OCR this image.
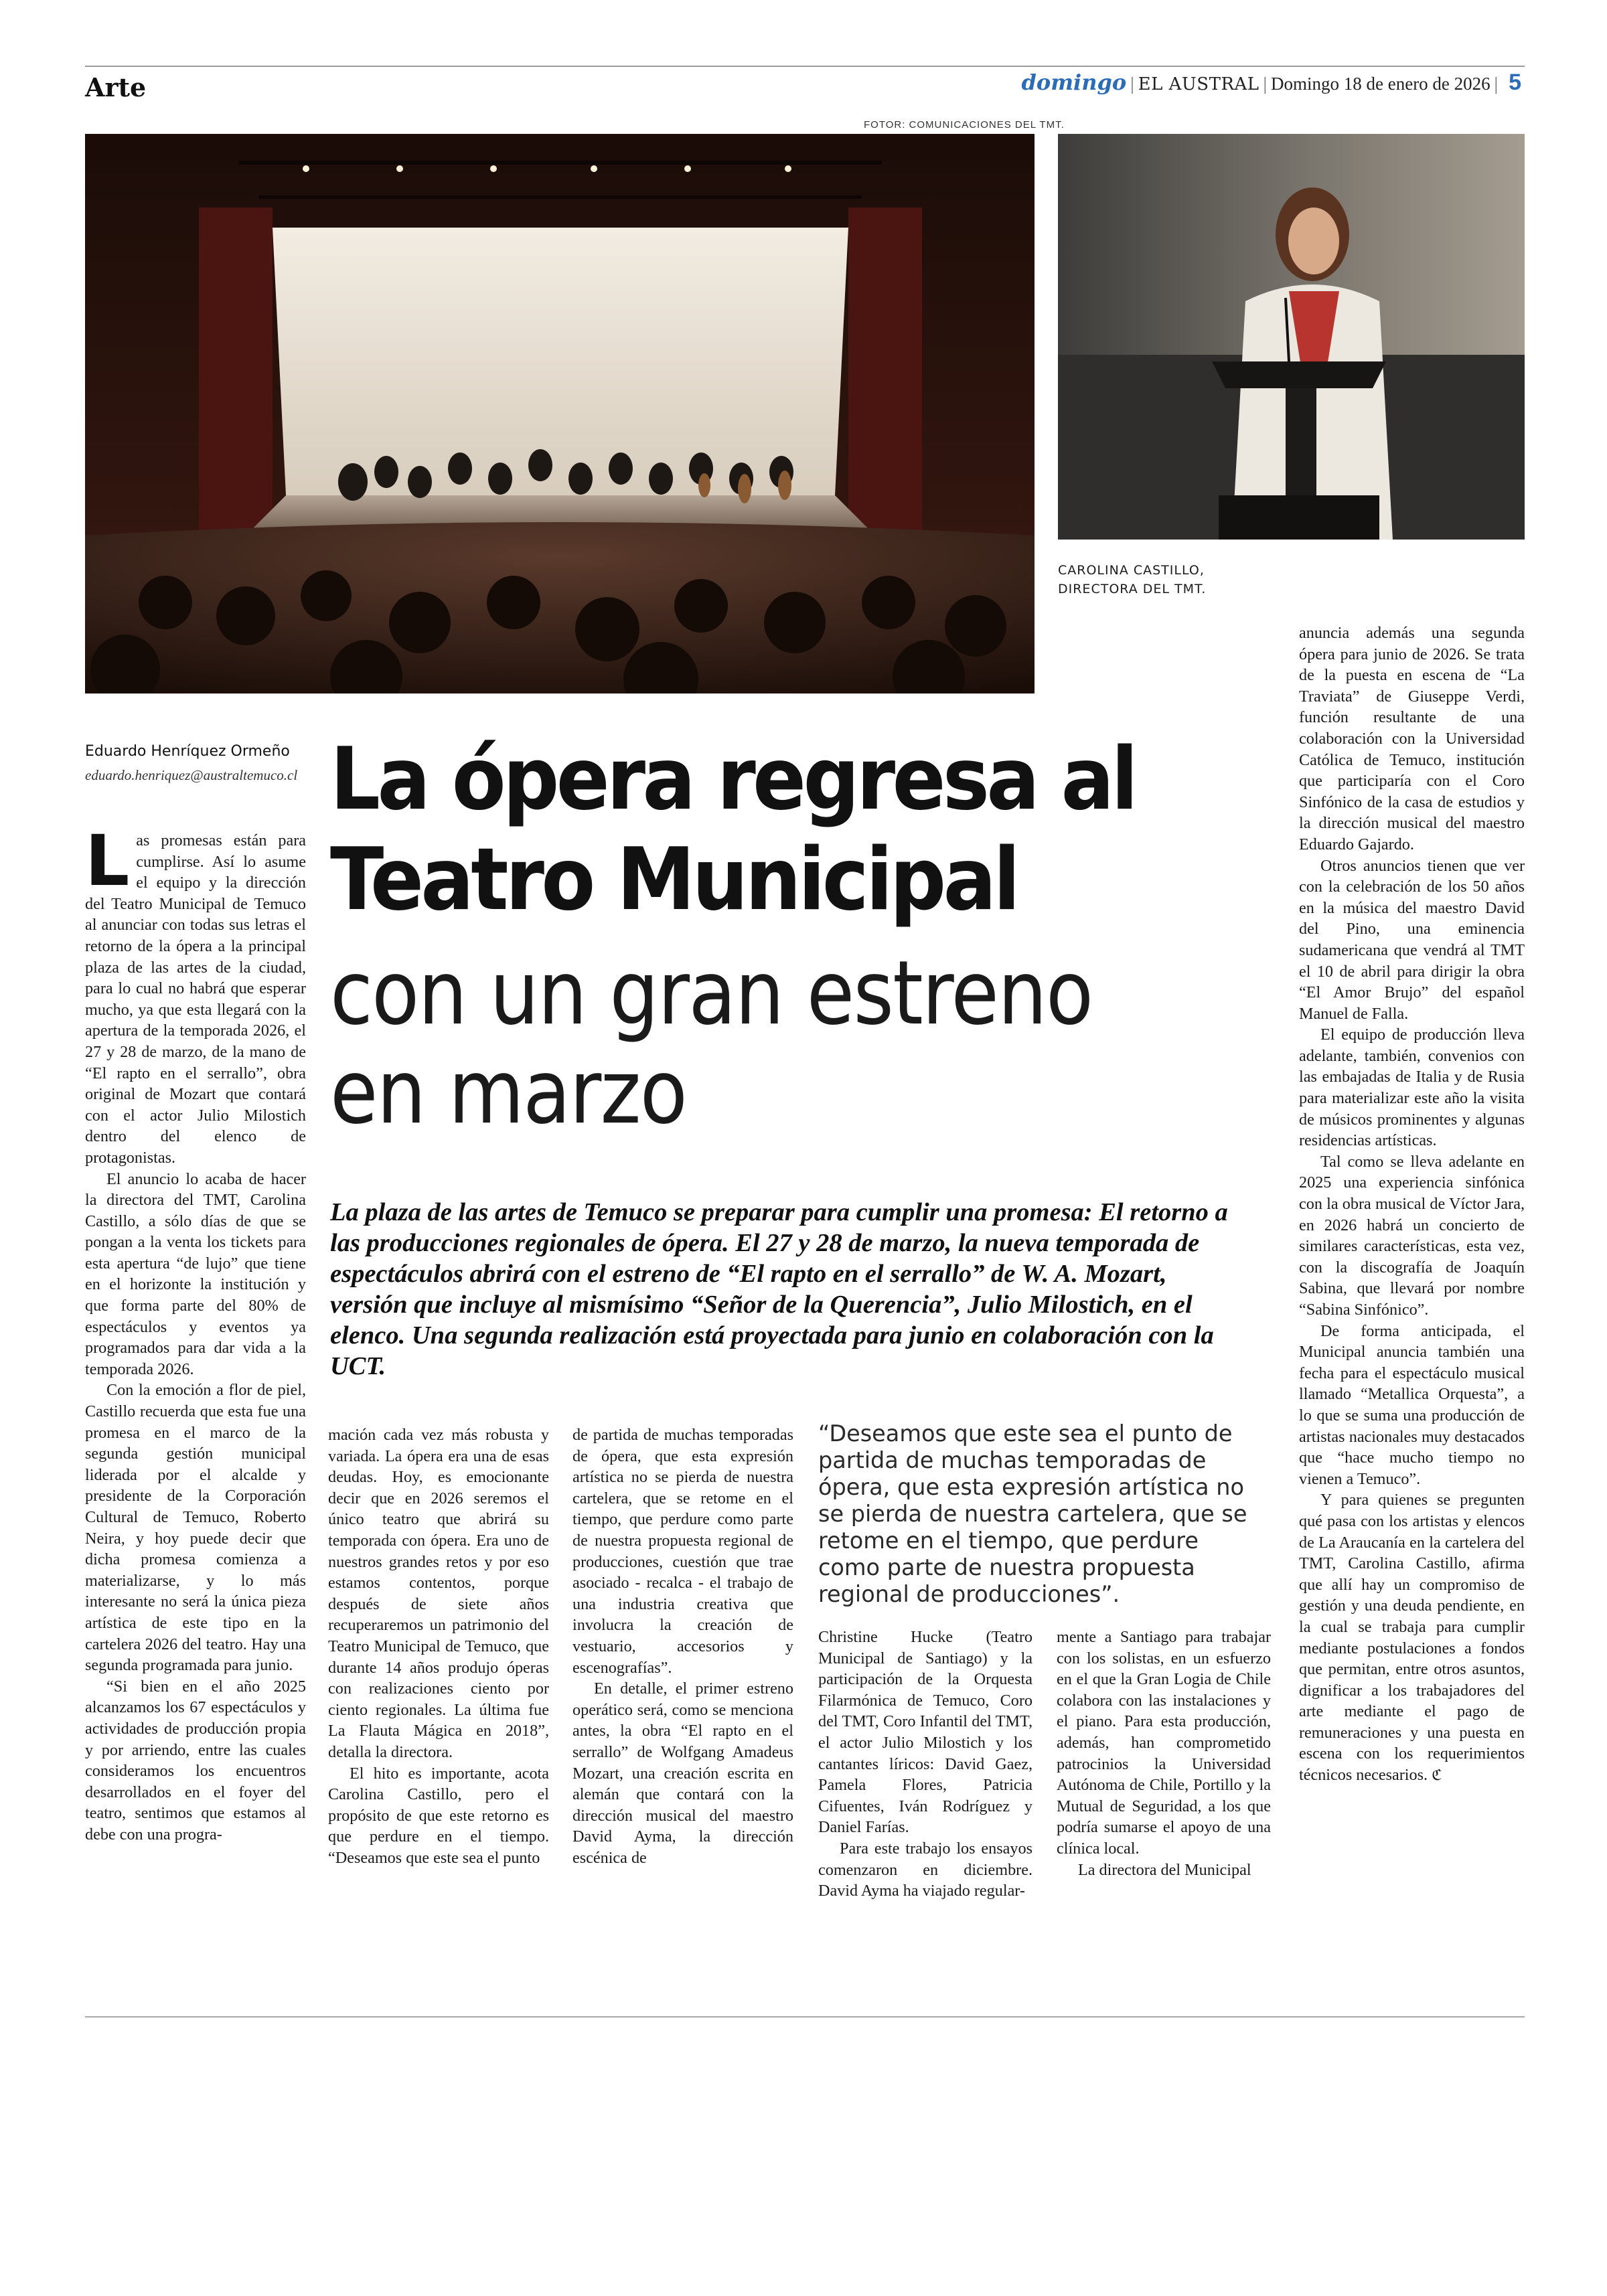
Arte	domingo | EL AUSTRAL | Domingo 18 de enero de 2026 | 5
FOTOR: COMUNICACIONES DEL TMT.
CAROLINA CASTILLO,
DIRECTORA DEL TMT.
Eduardo Henríquez Ormeño
eduardo.henriquez@australtemuco.cl La ópera regresa al
Teatro Municipal
con un gran estreno
en marzo
La plaza de las artes de Temuco se preparar para cumplir una promesa: El retorno a las producciones regionales de ópera. El 27 y 28 de marzo, la nueva temporada de espectáculos abrirá con el estreno de “El rapto en el serrallo” de W. A. Mozart, versión que incluye al mismísimo “Señor de la Querencia”, Julio Milostich, en el elenco. Una segunda realización está proyectada para junio en colaboración con la UCT.

Las promesas están para cumplirse. Así lo asume el equipo y la dirección del Teatro Municipal de Temuco al anunciar con todas sus letras el retorno de la ópera a la principal plaza de las artes de la ciudad, para lo cual no habrá que esperar mucho, ya que esta llegará con la apertura de la temporada 2026, el 27 y 28 de marzo, de la mano de “El rapto en el serrallo”, obra original de Mozart que contará con el actor Julio Milostich dentro del elenco de protagonistas.

El anuncio lo acaba de hacer la directora del TMT, Carolina Castillo, a sólo días de que se pongan a la venta los tickets para esta apertura “de lujo” que tiene en el horizonte la institución y que forma parte del 80% de espectáculos y eventos ya programados para dar vida a la temporada 2026.

Con la emoción a flor de piel, Castillo recuerda que esta fue una promesa en el marco de la segunda gestión municipal liderada por el alcalde y presidente de la Corporación Cultural de Temuco, Roberto Neira, y hoy puede decir que dicha promesa comienza a materializarse, y lo más interesante no será la única pieza artística de este tipo en la cartelera 2026 del teatro. Hay una segunda programada para junio.

“Si bien en el año 2025 alcanzamos los 67 espectáculos y actividades de producción propia y por arriendo, entre las cuales consideramos los encuentros desarrollados en el foyer del teatro, sentimos que estamos al debe con una progra-

mación cada vez más robusta y variada. La ópera era una de esas deudas. Hoy, es emocionante decir que en 2026 seremos el único teatro que abrirá su temporada con ópera. Era uno de nuestros grandes retos y por eso estamos contentos, porque después de siete años recuperaremos un patrimonio del Teatro Municipal de Temuco, que durante 14 años produjo óperas con realizaciones ciento por ciento regionales. La última fue La Flauta Mágica en 2018”, detalla la directora.

El hito es importante, acota Carolina Castillo, pero el propósito de que este retorno es que perdure en el tiempo. “Deseamos que este sea el punto

de partida de muchas temporadas de ópera, que esta expresión artística no se pierda de nuestra cartelera, que se retome en el tiempo, que perdure como parte de nuestra propuesta regional de producciones, cuestión que trae asociado - recalca - el trabajo de una industria creativa que involucra la creación de vestuario, accesorios y escenografías”.

En detalle, el primer estreno operático será, como se menciona antes, la obra “El rapto en el serrallo” de Wolfgang Amadeus Mozart, una creación escrita en alemán que contará con la dirección musical del maestro David Ayma, la dirección escénica de

“Deseamos que este sea el punto de partida de muchas temporadas de ópera, que esta expresión artística no se pierda de nuestra cartelera, que se retome en el tiempo, que perdure como parte de nuestra propuesta regional de producciones”.

Christine Hucke (Teatro Municipal de Santiago) y la participación de la Orquesta Filarmónica de Temuco, Coro del TMT, Coro Infantil del TMT, el actor Julio Milostich y los cantantes líricos: David Gaez, Pamela Flores, Patricia Cifuentes, Iván Rodríguez y Daniel Farías.

Para este trabajo los ensayos comenzaron en diciembre. David Ayma ha viajado regular-

mente a Santiago para trabajar con los solistas, en un esfuerzo en el que la Gran Logia de Chile colabora con las instalaciones y el piano. Para esta producción, además, han comprometido patrocinios la Universidad Autónoma de Chile, Portillo y la Mutual de Seguridad, a los que podría sumarse el apoyo de una clínica local.

La directora del Municipal

anuncia además una segunda ópera para junio de 2026. Se trata de la puesta en escena de “La Traviata” de Giuseppe Verdi, función resultante de una colaboración con la Universidad Católica de Temuco, institución que participaría con el Coro Sinfónico de la casa de estudios y la dirección musical del maestro Eduardo Gajardo.

Otros anuncios tienen que ver con la celebración de los 50 años en la música del maestro David del Pino, una eminencia sudamericana que vendrá al TMT el 10 de abril para dirigir la obra “El Amor Brujo” del español Manuel de Falla.

El equipo de producción lleva adelante, también, convenios con las embajadas de Italia y de Rusia para materializar este año la visita de músicos prominentes y algunas residencias artísticas.

Tal como se lleva adelante en 2025 una experiencia sinfónica con la obra musical de Víctor Jara, en 2026 habrá un concierto de similares características, esta vez, con la discografía de Joaquín Sabina, que llevará por nombre “Sabina Sinfónico”.

De forma anticipada, el Municipal anuncia también una fecha para el espectáculo musical llamado “Metallica Orquesta”, a lo que se suma una producción de artistas nacionales muy destacados que “hace mucho tiempo no vienen a Temuco”.

Y para quienes se pregunten qué pasa con los artistas y elencos de La Araucanía en la cartelera del TMT, Carolina Castillo, afirma que allí hay un compromiso de gestión y una deuda pendiente, en la cual se trabaja para cumplir mediante postulaciones a fondos que permitan, entre otros asuntos, dignificar a los trabajadores del arte mediante el pago de remuneraciones y una puesta en escena con los requerimientos técnicos necesarios. ℭ
